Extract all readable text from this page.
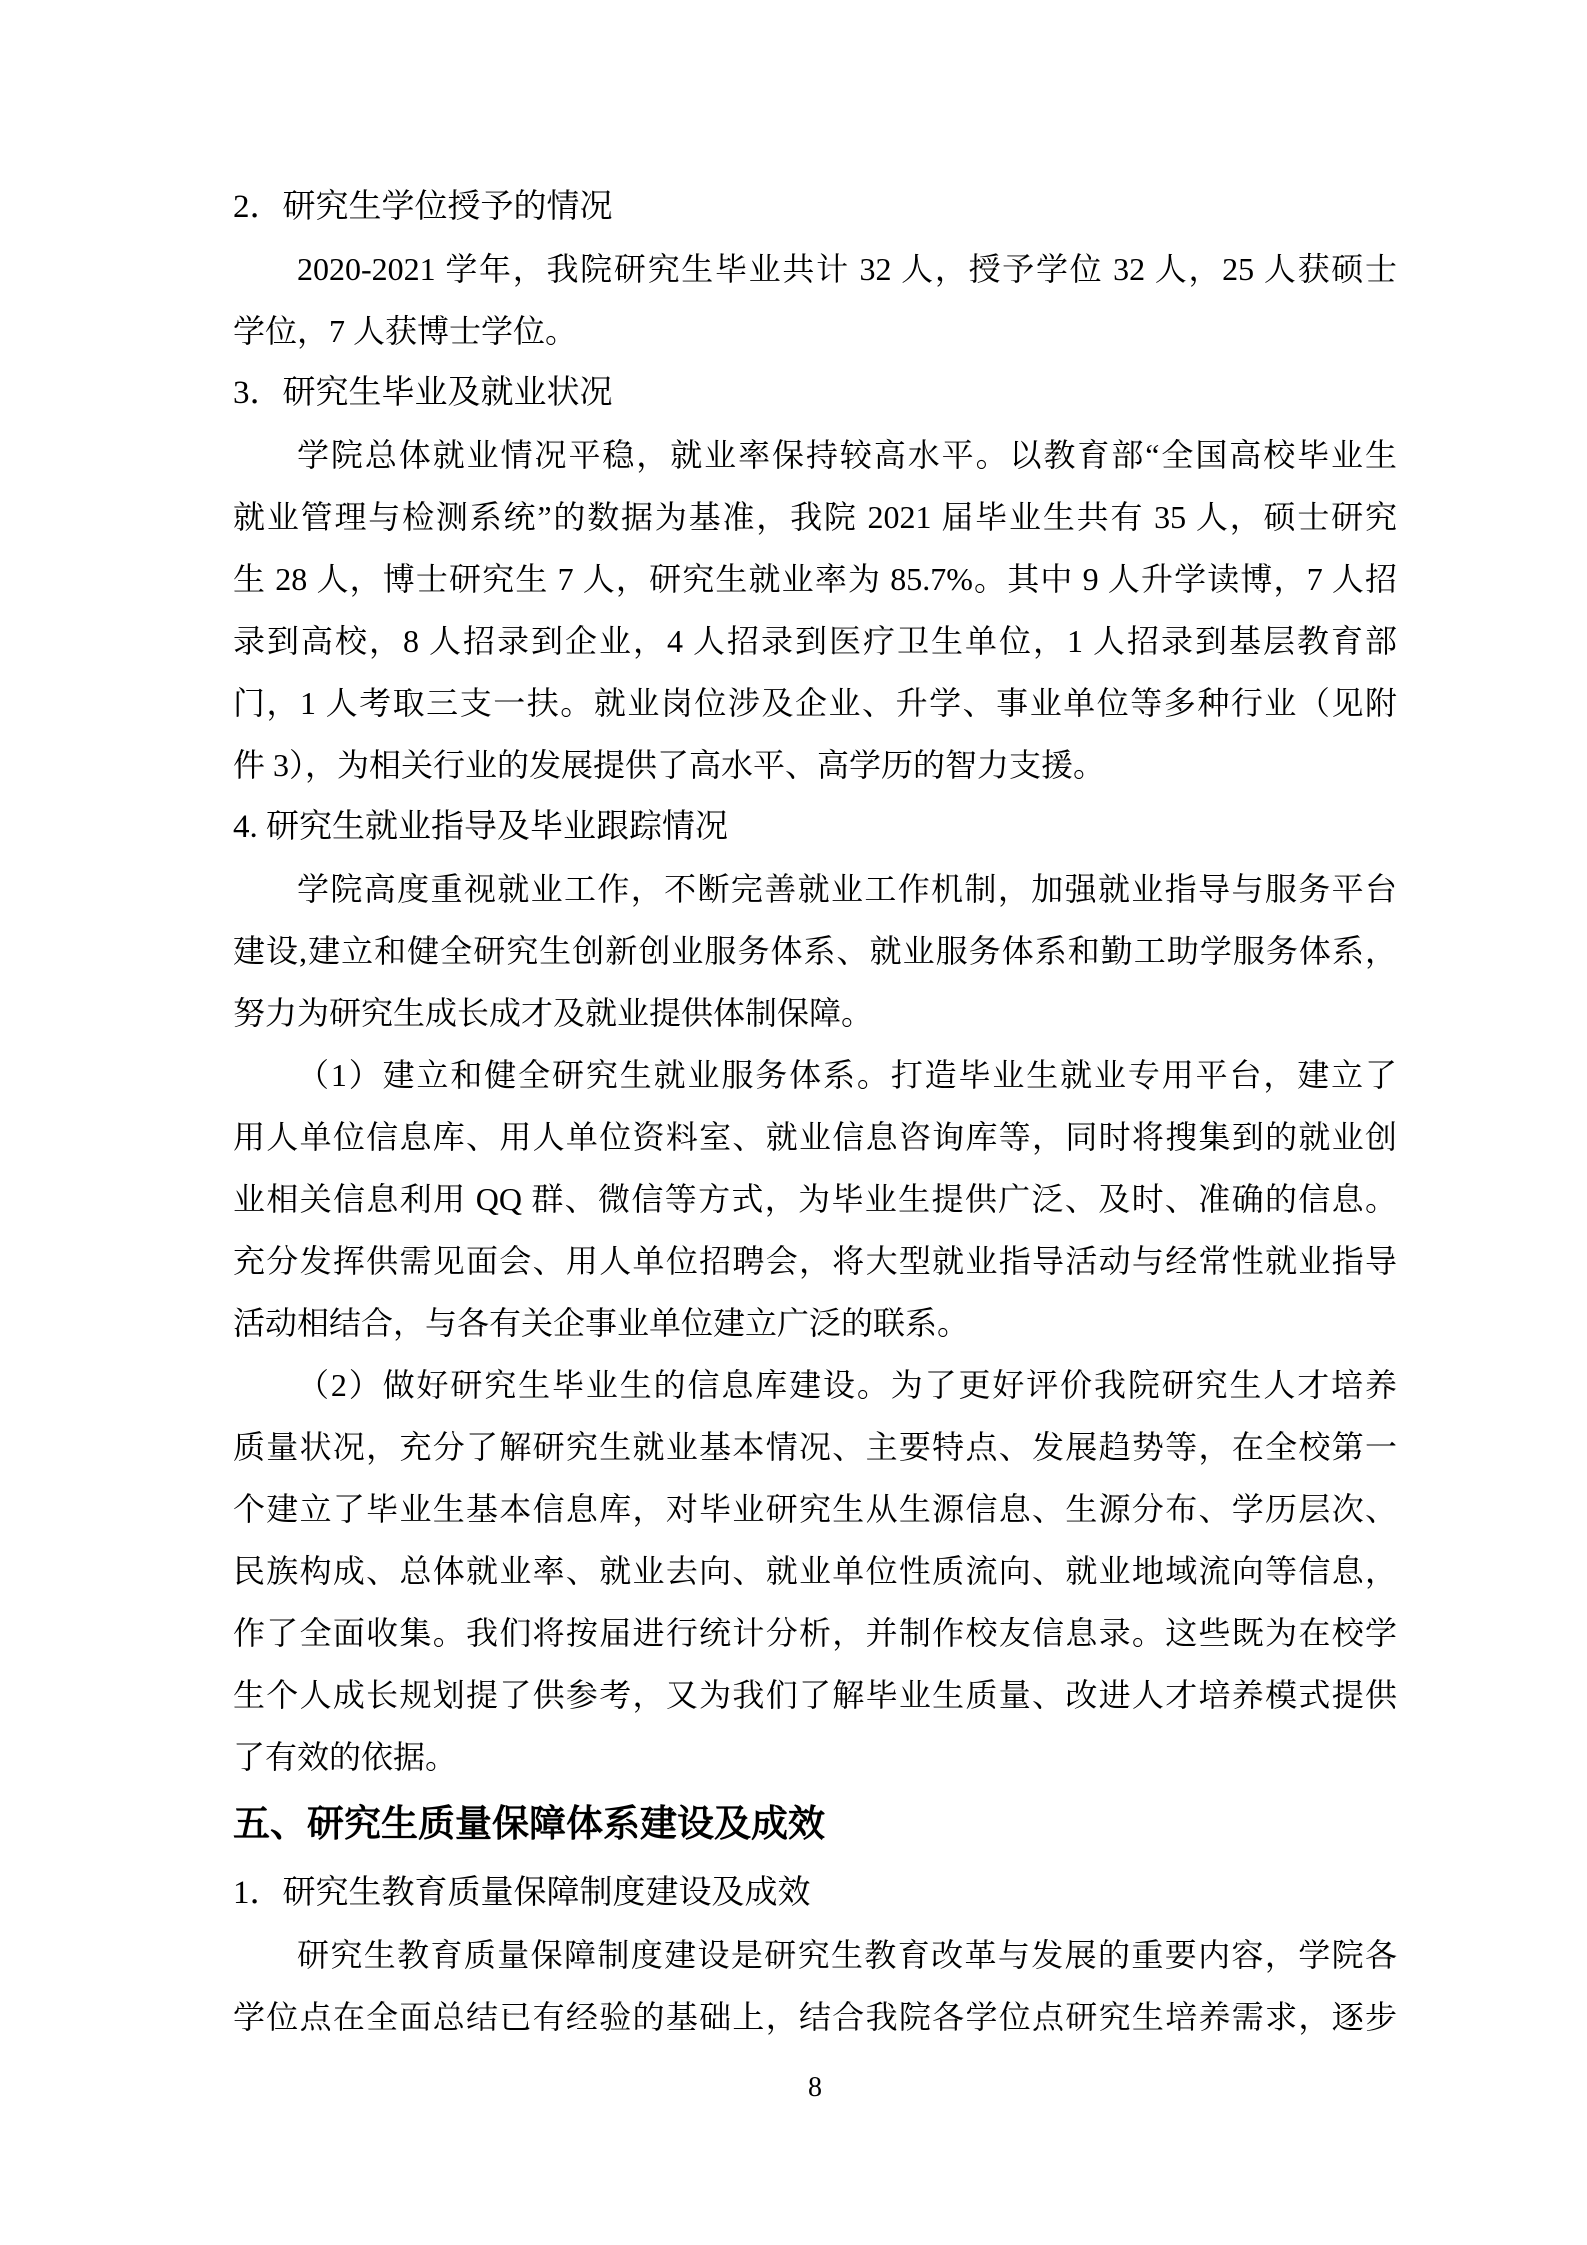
2．研究生学位授予的情况
2020-2021 学年，我院研究生毕业共计 32 人，授予学位 32 人，25 人获硕士
学位，7 人获博士学位。
3．研究生毕业及就业状况
学院总体就业情况平稳，就业率保持较高水平。以教育部“全国高校毕业生
就业管理与检测系统”的数据为基准，我院 2021 届毕业生共有 35 人，硕士研究
生 28 人，博士研究生 7 人，研究生就业率为 85.7%。其中 9 人升学读博，7 人招
录到高校，8 人招录到企业，4 人招录到医疗卫生单位，1 人招录到基层教育部
门，1 人考取三支一扶。就业岗位涉及企业、升学、事业单位等多种行业（见附
件 3），为相关行业的发展提供了高水平、高学历的智力支援。
4. 研究生就业指导及毕业跟踪情况
学院高度重视就业工作，不断完善就业工作机制，加强就业指导与服务平台
建设,建立和健全研究生创新创业服务体系、就业服务体系和勤工助学服务体系，
努力为研究生成长成才及就业提供体制保障。
（1）建立和健全研究生就业服务体系。打造毕业生就业专用平台，建立了
用人单位信息库、用人单位资料室、就业信息咨询库等，同时将搜集到的就业创
业相关信息利用 QQ 群、微信等方式，为毕业生提供广泛、及时、准确的信息。
充分发挥供需见面会、用人单位招聘会，将大型就业指导活动与经常性就业指导
活动相结合，与各有关企事业单位建立广泛的联系。
（2）做好研究生毕业生的信息库建设。为了更好评价我院研究生人才培养
质量状况，充分了解研究生就业基本情况、主要特点、发展趋势等，在全校第一
个建立了毕业生基本信息库，对毕业研究生从生源信息、生源分布、学历层次、
民族构成、总体就业率、就业去向、就业单位性质流向、就业地域流向等信息，
作了全面收集。我们将按届进行统计分析，并制作校友信息录。这些既为在校学
生个人成长规划提了供参考，又为我们了解毕业生质量、改进人才培养模式提供
了有效的依据。
五、研究生质量保障体系建设及成效
1．研究生教育质量保障制度建设及成效
研究生教育质量保障制度建设是研究生教育改革与发展的重要内容，学院各
学位点在全面总结已有经验的基础上，结合我院各学位点研究生培养需求，逐步
8
